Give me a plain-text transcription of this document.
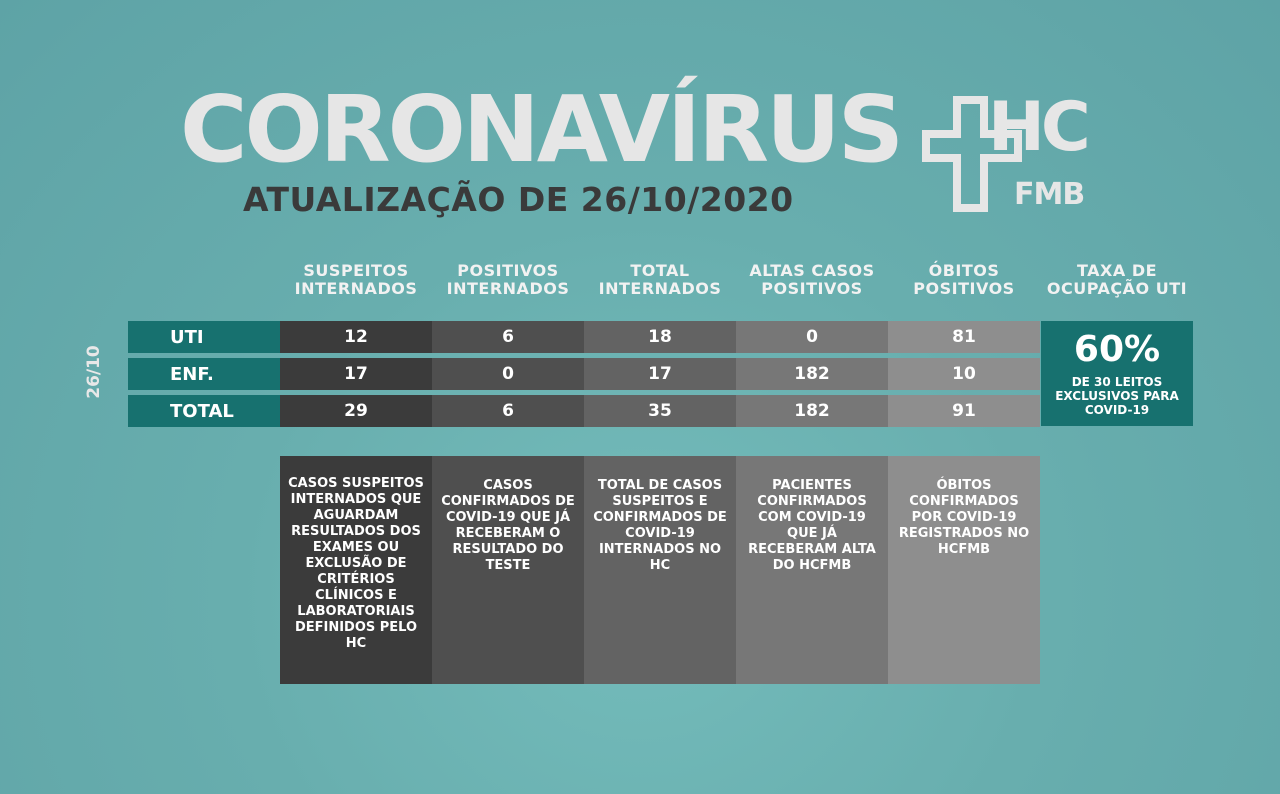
CORONAVÍRUS
ATUALIZAÇÃO DE 26/10/2020
HC
FMB
SUSPEITOS INTERNADOS
POSITIVOS INTERNADOS
TOTAL INTERNADOS
ALTAS CASOS POSITIVOS
ÓBITOS POSITIVOS
TAXA DE OCUPAÇÃO UTI
26/10
UTI	12	6	18	0	81
ENF.	17	0	17	182	10
TOTAL	29	6	35	182	91
60%
DE 30 LEITOS EXCLUSIVOS PARA COVID-19
CASOS SUSPEITOS INTERNADOS QUE AGUARDAM RESULTADOS DOS EXAMES OU EXCLUSÃO DE CRITÉRIOS CLÍNICOS E LABORATORIAIS DEFINIDOS PELO HC
CASOS CONFIRMADOS DE COVID-19 QUE JÁ RECEBERAM O RESULTADO DO TESTE
TOTAL DE CASOS SUSPEITOS E CONFIRMADOS DE COVID-19 INTERNADOS NO HC
PACIENTES CONFIRMADOS COM COVID-19 QUE JÁ RECEBERAM ALTA DO HCFMB
ÓBITOS CONFIRMADOS POR COVID-19 REGISTRADOS NO HCFMB
